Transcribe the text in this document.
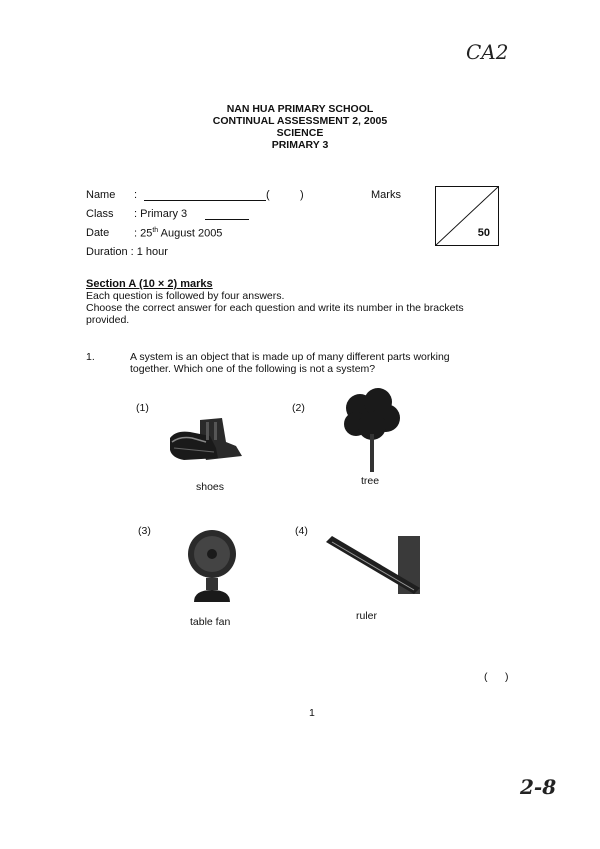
CA2
NAN HUA PRIMARY SCHOOL
CONTINUAL ASSESSMENT 2, 2005
SCIENCE
PRIMARY 3
Name :	(	)
Class : Primary 3
Date : 25th August 2005
Duration : 1 hour
Marks
50
Section A (10 × 2) marks
Each question is followed by four answers.
Choose the correct answer for each question and write its number in the brackets
provided.
1.	A system is an object that is made up of many different parts working
together. Which one of the following is not a system?
(1)
shoes
(2)
tree
(3)
table fan
(4)
ruler
(      )
1
2-8
